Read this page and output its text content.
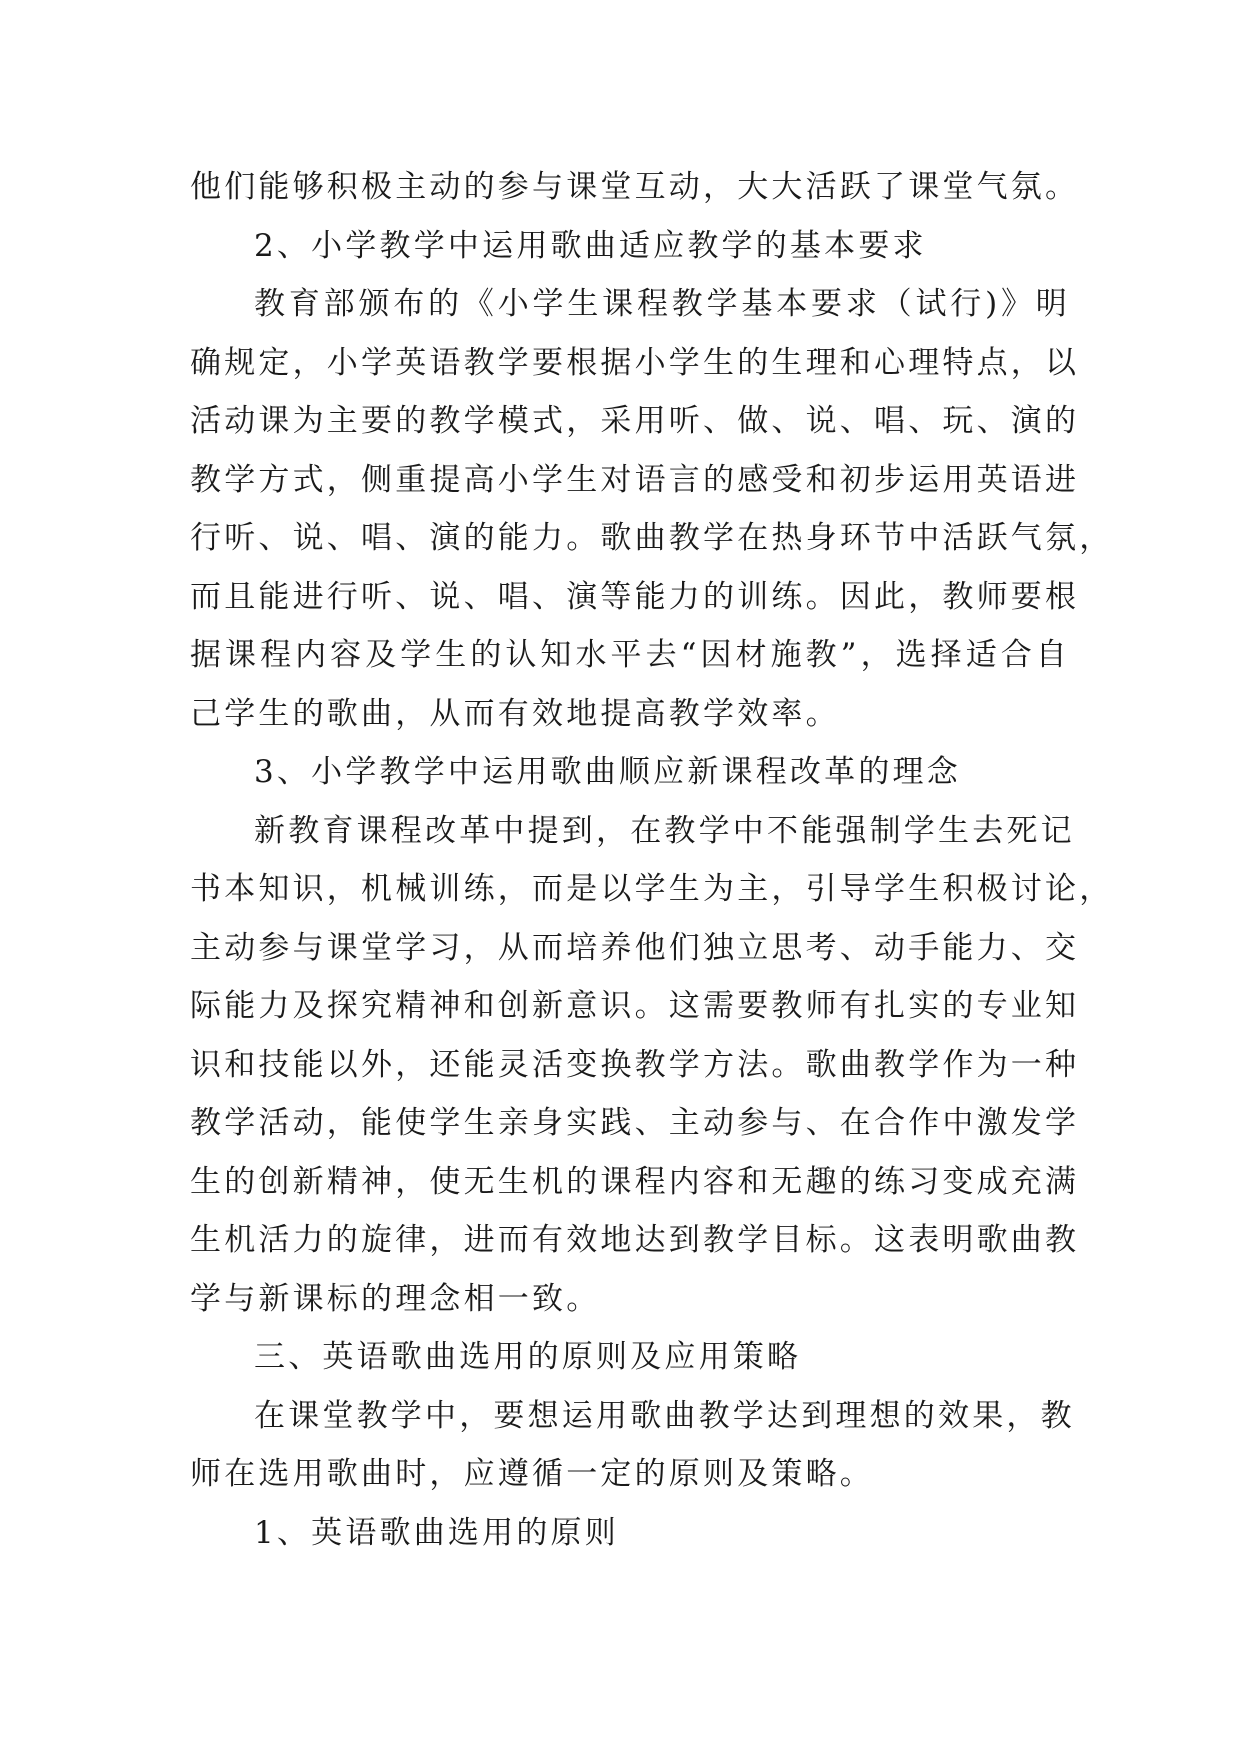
他们能够积极主动的参与课堂互动，大大活跃了课堂气氛。
2、小学教学中运用歌曲适应教学的基本要求
教育部颁布的《小学生课程教学基本要求（试行)》明
确规定，小学英语教学要根据小学生的生理和心理特点，以
活动课为主要的教学模式，采用听、做、说、唱、玩、演的
教学方式，侧重提高小学生对语言的感受和初步运用英语进
行听、说、唱、演的能力。歌曲教学在热身环节中活跃气氛，
而且能进行听、说、唱、演等能力的训练。因此，教师要根
据课程内容及学生的认知水平去“因材施教”，选择适合自
己学生的歌曲，从而有效地提高教学效率。
3、小学教学中运用歌曲顺应新课程改革的理念
新教育课程改革中提到，在教学中不能强制学生去死记
书本知识，机械训练，而是以学生为主，引导学生积极讨论，
主动参与课堂学习，从而培养他们独立思考、动手能力、交
际能力及探究精神和创新意识。这需要教师有扎实的专业知
识和技能以外，还能灵活变换教学方法。歌曲教学作为一种
教学活动，能使学生亲身实践、主动参与、在合作中激发学
生的创新精神，使无生机的课程内容和无趣的练习变成充满
生机活力的旋律，进而有效地达到教学目标。这表明歌曲教
学与新课标的理念相一致。
三、英语歌曲选用的原则及应用策略
在课堂教学中，要想运用歌曲教学达到理想的效果，教
师在选用歌曲时，应遵循一定的原则及策略。
1、英语歌曲选用的原则
